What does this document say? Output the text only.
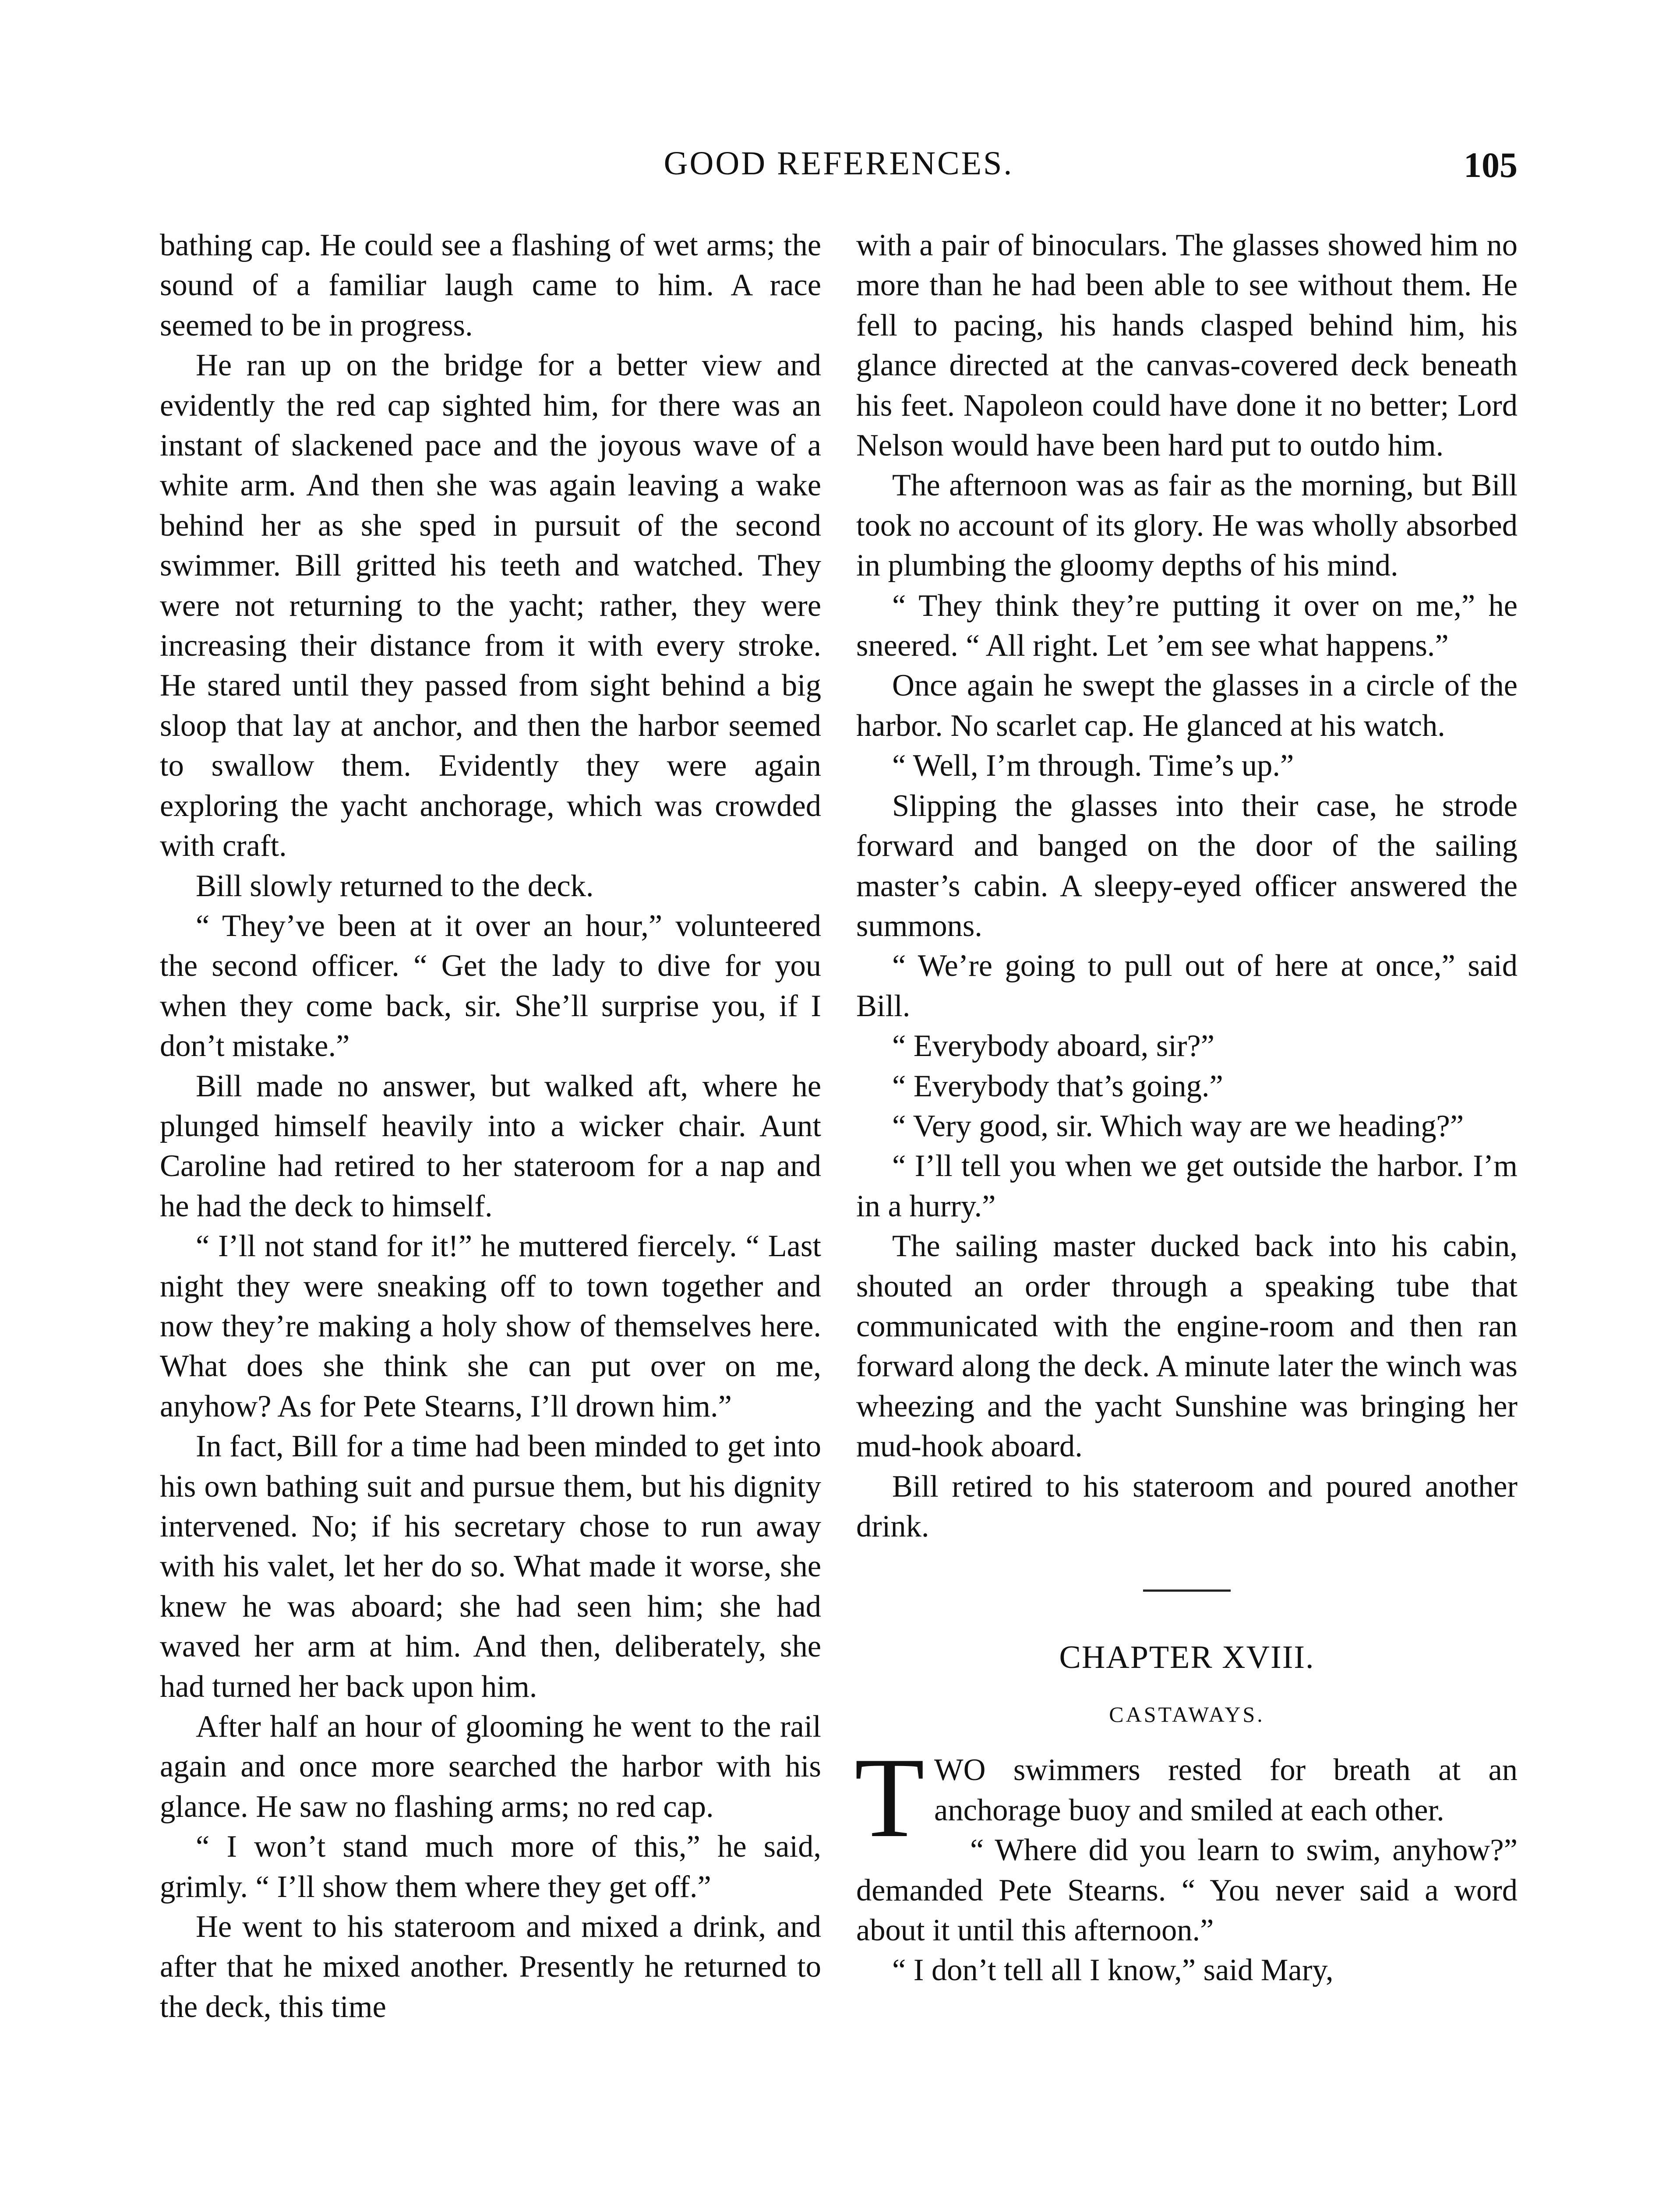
GOOD REFERENCES.	105

bathing cap. He could see a flashing of wet arms; the sound of a familiar laugh came to him. A race seemed to be in progress.

He ran up on the bridge for a better view and evidently the red cap sighted him, for there was an instant of slackened pace and the joyous wave of a white arm. And then she was again leaving a wake behind her as she sped in pursuit of the second swimmer. Bill gritted his teeth and watched. They were not returning to the yacht; rather, they were increasing their distance from it with every stroke. He stared until they passed from sight behind a big sloop that lay at anchor, and then the harbor seemed to swallow them. Evidently they were again exploring the yacht anchorage, which was crowded with craft.

Bill slowly returned to the deck.

“ They’ve been at it over an hour,” volunteered the second officer. “ Get the lady to dive for you when they come back, sir. She’ll surprise you, if I don’t mistake.”

Bill made no answer, but walked aft, where he plunged himself heavily into a wicker chair. Aunt Caroline had retired to her stateroom for a nap and he had the deck to himself.

“ I’ll not stand for it!” he muttered fiercely. “ Last night they were sneaking off to town together and now they’re making a holy show of themselves here. What does she think she can put over on me, anyhow? As for Pete Stearns, I’ll drown him.”

In fact, Bill for a time had been minded to get into his own bathing suit and pursue them, but his dignity intervened. No; if his secretary chose to run away with his valet, let her do so. What made it worse, she knew he was aboard; she had seen him; she had waved her arm at him. And then, deliberately, she had turned her back upon him.

After half an hour of glooming he went to the rail again and once more searched the harbor with his glance. He saw no flashing arms; no red cap.

“ I won’t stand much more of this,” he said, grimly. “ I’ll show them where they get off.”

He went to his stateroom and mixed a drink, and after that he mixed another. Presently he returned to the deck, this time

with a pair of binoculars. The glasses showed him no more than he had been able to see without them. He fell to pacing, his hands clasped behind him, his glance directed at the canvas-covered deck beneath his feet. Napoleon could have done it no better; Lord Nelson would have been hard put to outdo him.

The afternoon was as fair as the morning, but Bill took no account of its glory. He was wholly absorbed in plumbing the gloomy depths of his mind.

“ They think they’re putting it over on me,” he sneered. “ All right. Let ’em see what happens.”

Once again he swept the glasses in a circle of the harbor. No scarlet cap. He glanced at his watch.

“ Well, I’m through. Time’s up.”

Slipping the glasses into their case, he strode forward and banged on the door of the sailing master’s cabin. A sleepy-eyed officer answered the summons.

“ We’re going to pull out of here at once,” said Bill.

“ Everybody aboard, sir?”

“ Everybody that’s going.”

“ Very good, sir. Which way are we heading?”

“ I’ll tell you when we get outside the harbor. I’m in a hurry.”

The sailing master ducked back into his cabin, shouted an order through a speaking tube that communicated with the engine-room and then ran forward along the deck. A minute later the winch was wheezing and the yacht Sunshine was bringing her mud-hook aboard.

Bill retired to his stateroom and poured another drink.

CHAPTER XVIII.
CASTAWAYS.

TWO swimmers rested for breath at an anchorage buoy and smiled at each other.

“ Where did you learn to swim, anyhow?” demanded Pete Stearns. “ You never said a word about it until this afternoon.”

“ I don’t tell all I know,” said Mary,
